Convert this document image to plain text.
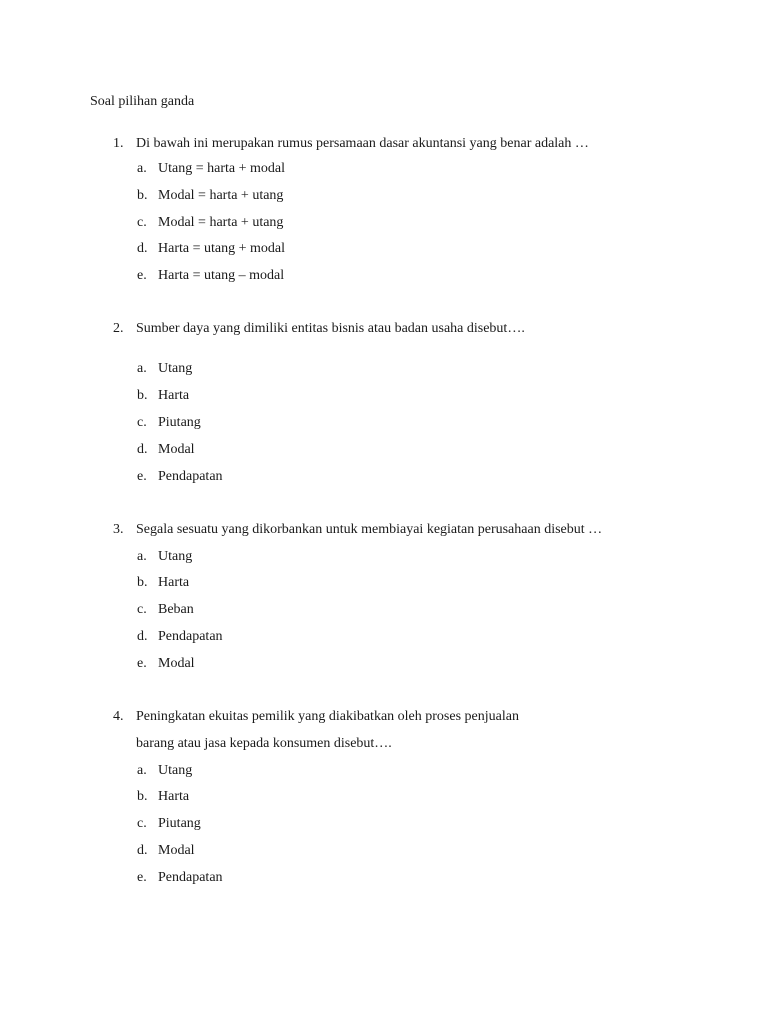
Soal pilihan ganda
1. Di bawah ini merupakan rumus persamaan dasar akuntansi yang benar adalah …
a. Utang = harta + modal
b. Modal = harta + utang
c. Modal = harta + utang
d. Harta = utang + modal
e. Harta = utang – modal
2. Sumber daya yang dimiliki entitas bisnis atau badan usaha disebut….
a. Utang
b. Harta
c. Piutang
d. Modal
e. Pendapatan
3. Segala sesuatu yang dikorbankan untuk membiayai kegiatan perusahaan disebut …
a. Utang
b. Harta
c. Beban
d. Pendapatan
e. Modal
4. Peningkatan ekuitas pemilik yang diakibatkan oleh proses penjualan
barang atau jasa kepada konsumen disebut….
a. Utang
b. Harta
c. Piutang
d. Modal
e. Pendapatan
